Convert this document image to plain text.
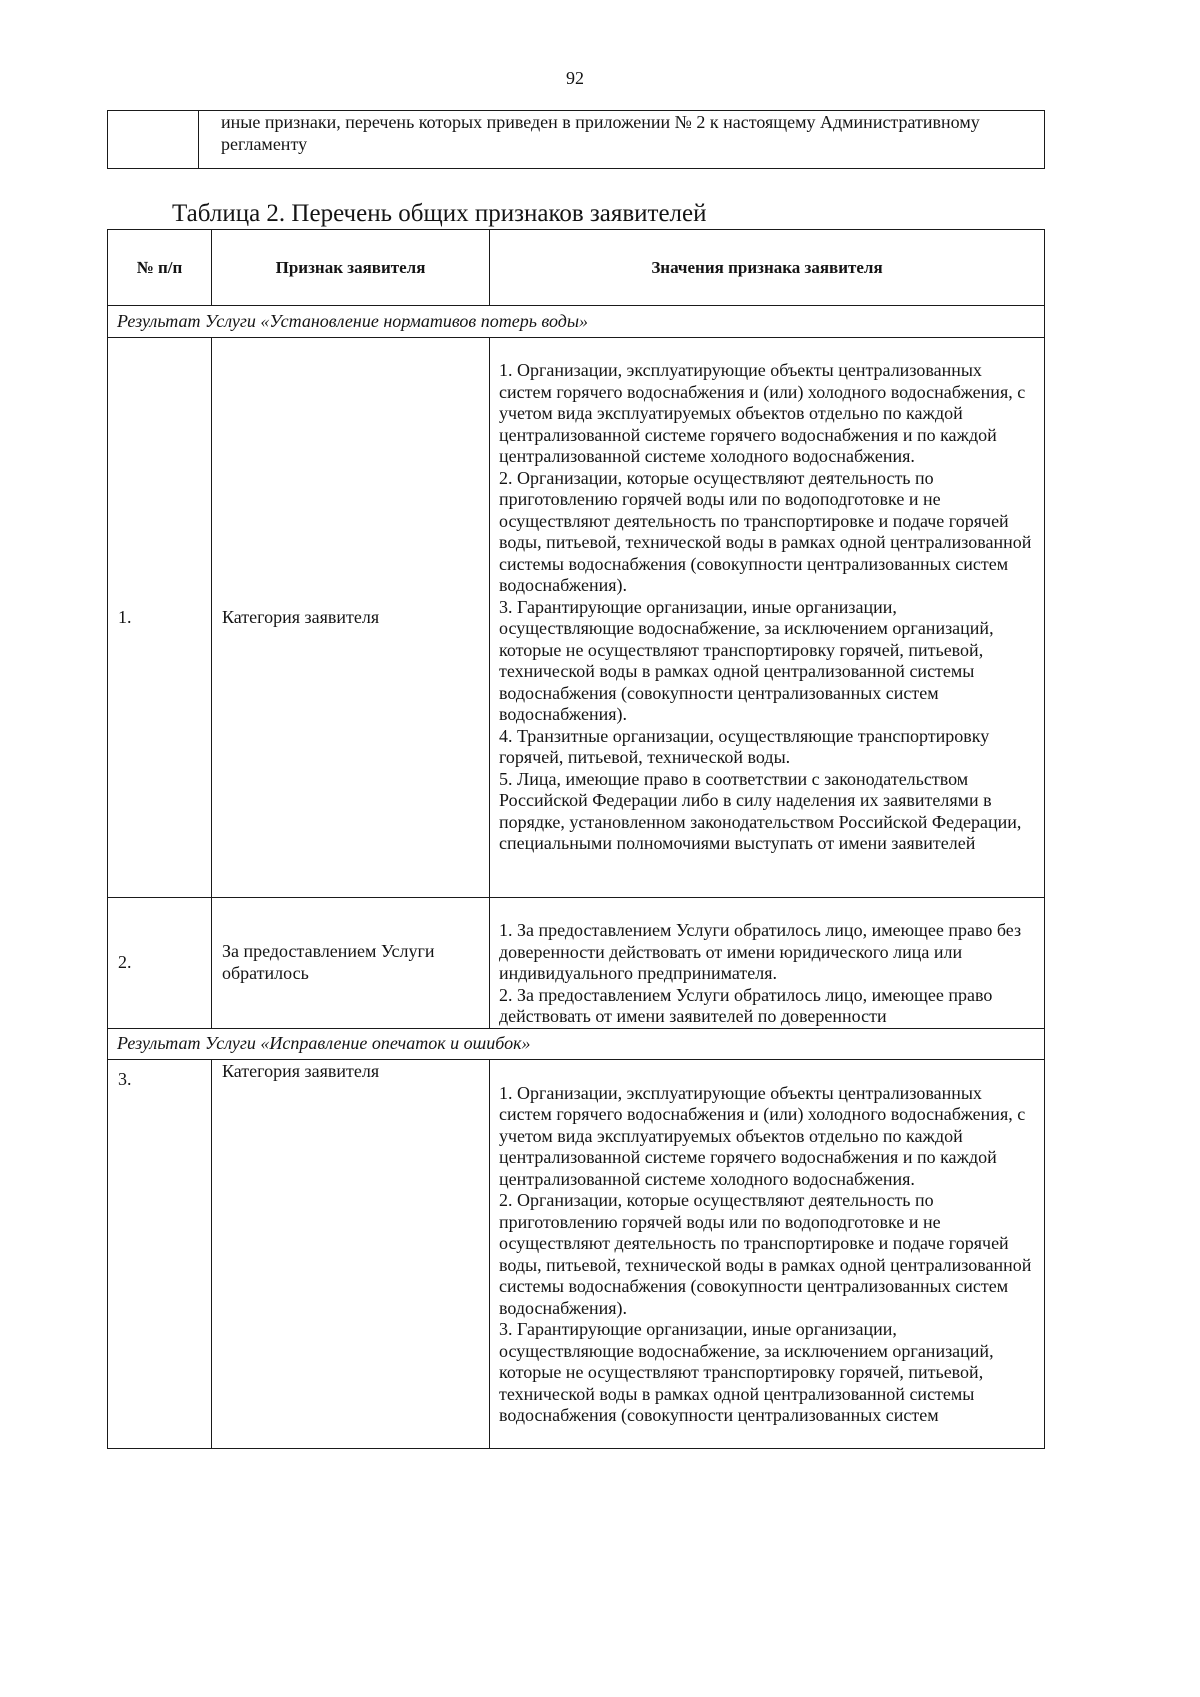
92
	иные признаки, перечень которых приведен в приложении № 2 к настоящему Административному регламенту
Таблица 2. Перечень общих признаков заявителей
№ п/п	Признак заявителя	Значения признака заявителя
Результат Услуги «Установление нормативов потерь воды»		
1.	Категория заявителя	1. Организации, эксплуатирующие объекты централизованных систем горячего водоснабжения и (или) холодного водоснабжения, с учетом вида эксплуатируемых объектов отдельно по каждой централизованной системе горячего водоснабжения и по каждой централизованной системе холодного водоснабжения.
2. Организации, которые осуществляют деятельность по приготовлению горячей воды или по водоподготовке и не осуществляют деятельность по транспортировке и подаче горячей воды, питьевой, технической воды в рамках одной централизованной системы водоснабжения (совокупности централизованных систем водоснабжения).
3. Гарантирующие организации, иные организации, осуществляющие водоснабжение, за исключением организаций, которые не осуществляют транспортировку горячей, питьевой, технической воды в рамках одной централизованной системы водоснабжения (совокупности централизованных систем водоснабжения).
4. Транзитные организации, осуществляющие транспортировку горячей, питьевой, технической воды.
5. Лица, имеющие право в соответствии с законодательством Российской Федерации либо в силу наделения их заявителями в порядке, установленном законодательством Российской Федерации, специальными полномочиями выступать от имени заявителей

2.	За предоставлением Услуги обратилось	1. За предоставлением Услуги обратилось лицо, имеющее право без доверенности действовать от имени юридического лица или индивидуального предпринимателя.
2. За предоставлением Услуги обратилось лицо, имеющее право действовать от имени заявителей по доверенности

Результат Услуги «Исправление опечаток и ошибок»		
3.	Категория заявителя	1. Организации, эксплуатирующие объекты централизованных систем горячего водоснабжения и (или) холодного водоснабжения, с учетом вида эксплуатируемых объектов отдельно по каждой централизованной системе горячего водоснабжения и по каждой централизованной системе холодного водоснабжения.
2. Организации, которые осуществляют деятельность по приготовлению горячей воды или по водоподготовке и не осуществляют деятельность по транспортировке и подаче горячей воды, питьевой, технической воды в рамках одной централизованной системы водоснабжения (совокупности централизованных систем водоснабжения).
3. Гарантирующие организации, иные организации, осуществляющие водоснабжение, за исключением организаций, которые не осуществляют транспортировку горячей, питьевой, технической воды в рамках одной централизованной системы водоснабжения (совокупности централизованных систем
